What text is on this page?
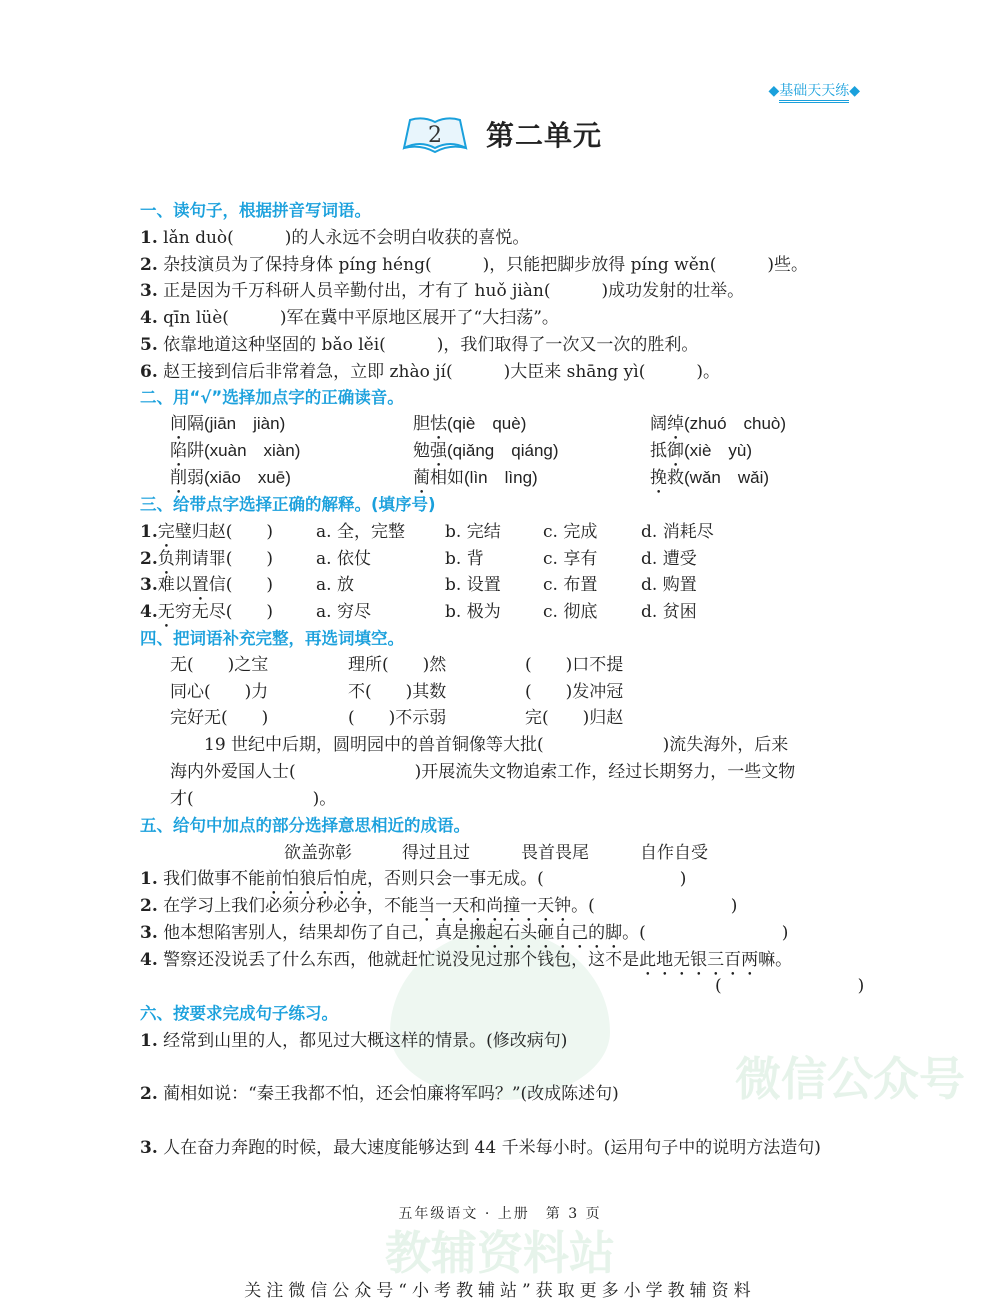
微信公众号
教辅资料站
◆基础天天练◆
2 第二单元
一、读句子，根据拼音写词语。
1. lǎn duò(　　　)的人永远不会明白收获的喜悦。
2. 杂技演员为了保持身体 píng héng(　　　)，只能把脚步放得 píng wěn(　　　)些。
3. 正是因为千万科研人员辛勤付出，才有了 huǒ jiàn(　　　)成功发射的壮举。
4. qīn lüè(　　　)军在冀中平原地区展开了“大扫荡”。
5. 依靠地道这种坚固的 bǎo lěi(　　　)，我们取得了一次又一次的胜利。
6. 赵王接到信后非常着急，立即 zhào jí(　　　)大臣来 shāng yì(　　　)。
二、用“√”选择加点字的正确读音。
间隔(jiān　jiàn)	胆怯(qiè　què)	阔绰(zhuó　chuò)
陷阱(xuàn　xiàn)	勉强(qiǎng　qiáng)	抵御(xiè　yù)
削弱(xiāo　xuē)	蔺相如(lìn　lìng)	挽救(wǎn　wǎi)
三、给带点字选择正确的解释。(填序号)
1.完璧归赵(　　)	a. 全，完整 b. 完结 c. 完成	d. 消耗尽
2.负荆请罪(　　)	a. 依仗	b. 背	c. 享有	d. 遭受
3.难以置信(　　)	a. 放	b. 设置 c. 布置	d. 购置
4.无穷无尽(　　)	a. 穷尽	b. 极为 c. 彻底	d. 贫困
四、把词语补充完整，再选词填空。
无(　　)之宝	理所(　　)然	(　　)口不提
同心(　　)力	不(　　)其数	(　　)发冲冠
完好无(　　)	(　　)不示弱	完(　　)归赵
　　19 世纪中后期，圆明园中的兽首铜像等大批(　　　　　　　)流失海外，后来
海内外爱国人士(　　　　　　　)开展流失文物追索工作，经过长期努力，一些文物
才(　　　　　　　)。
五、给句中加点的部分选择意思相近的成语。
欲盖弥彰	得过且过	畏首畏尾	自作自受
1. 我们做事不能前怕狼后怕虎，否则只会一事无成。(　　　　　　　　)
2. 在学习上我们必须分秒必争，不能当一天和尚撞一天钟。(　　　　　　　　)
3. 他本想陷害别人，结果却伤了自己，真是搬起石头砸自己的脚。(　　　　　　　　)
4. 警察还没说丢了什么东西，他就赶忙说没见过那个钱包，这不是此地无银三百两嘛。
(　　　　　　　　)
六、按要求完成句子练习。
1. 经常到山里的人，都见过大概这样的情景。(修改病句)
2. 蔺相如说：“秦王我都不怕，还会怕廉将军吗？”(改成陈述句)
3. 人在奋力奔跑的时候，最大速度能够达到 44 千米每小时。(运用句子中的说明方法造句)
五年级语文 · 上册　第 3 页
关注微信公众号“小考教辅站”获取更多小学教辅资料
